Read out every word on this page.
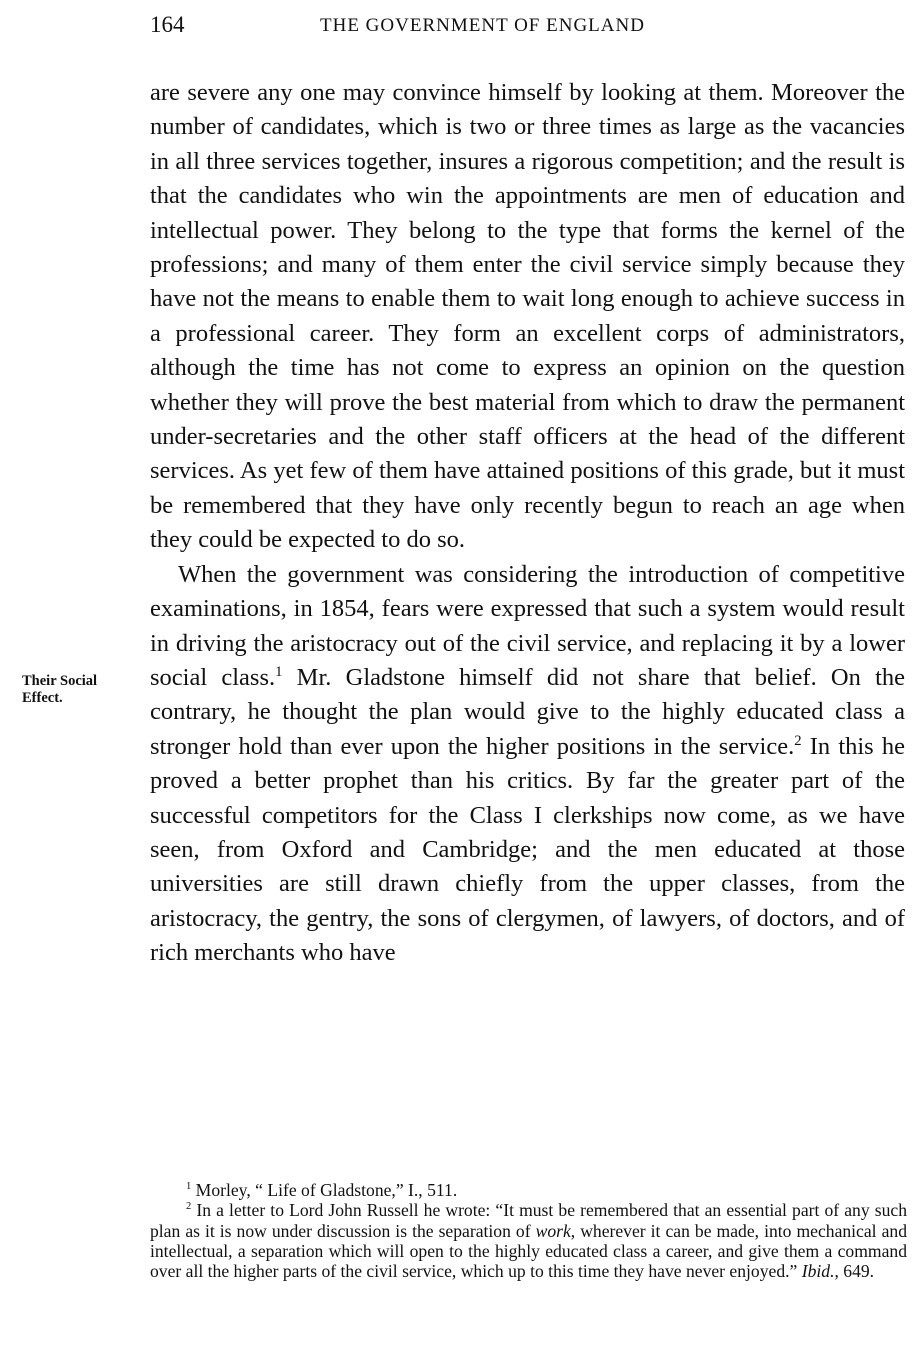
164	THE GOVERNMENT OF ENGLAND
Their Social
Effect.

are severe any one may convince himself by looking at them. Moreover the number of candidates, which is two or three times as large as the vacancies in all three services together, insures a rigorous competition; and the result is that the candidates who win the appointments are men of education and intellectual power. They belong to the type that forms the kernel of the professions; and many of them enter the civil service simply because they have not the means to enable them to wait long enough to achieve success in a professional career. They form an excellent corps of administrators, although the time has not come to express an opinion on the question whether they will prove the best material from which to draw the permanent under-secretaries and the other staff officers at the head of the different services. As yet few of them have attained positions of this grade, but it must be remembered that they have only recently begun to reach an age when they could be expected to do so.

When the government was considering the introduction of competitive examinations, in 1854, fears were expressed that such a system would result in driving the aristocracy out of the civil service, and replacing it by a lower social class.$^1$ Mr. Gladstone himself did not share that belief. On the contrary, he thought the plan would give to the highly educated class a stronger hold than ever upon the higher positions in the service.$^2$ In this he proved a better prophet than his critics. By far the greater part of the successful competitors for the Class I clerkships now come, as we have seen, from Oxford and Cambridge; and the men educated at those universities are still drawn chiefly from the upper classes, from the aristocracy, the gentry, the sons of clergymen, of lawyers, of doctors, and of rich merchants who have

$^1$ Morley, “ Life of Gladstone,” I., 511.

$^2$ In a letter to Lord John Russell he wrote: “It must be remembered that an essential part of any such plan as it is now under discussion is the separation of work, wherever it can be made, into mechanical and intellectual, a separation which will open to the highly educated class a career, and give them a command over all the higher parts of the civil service, which up to this time they have never enjoyed.” Ibid., 649.
